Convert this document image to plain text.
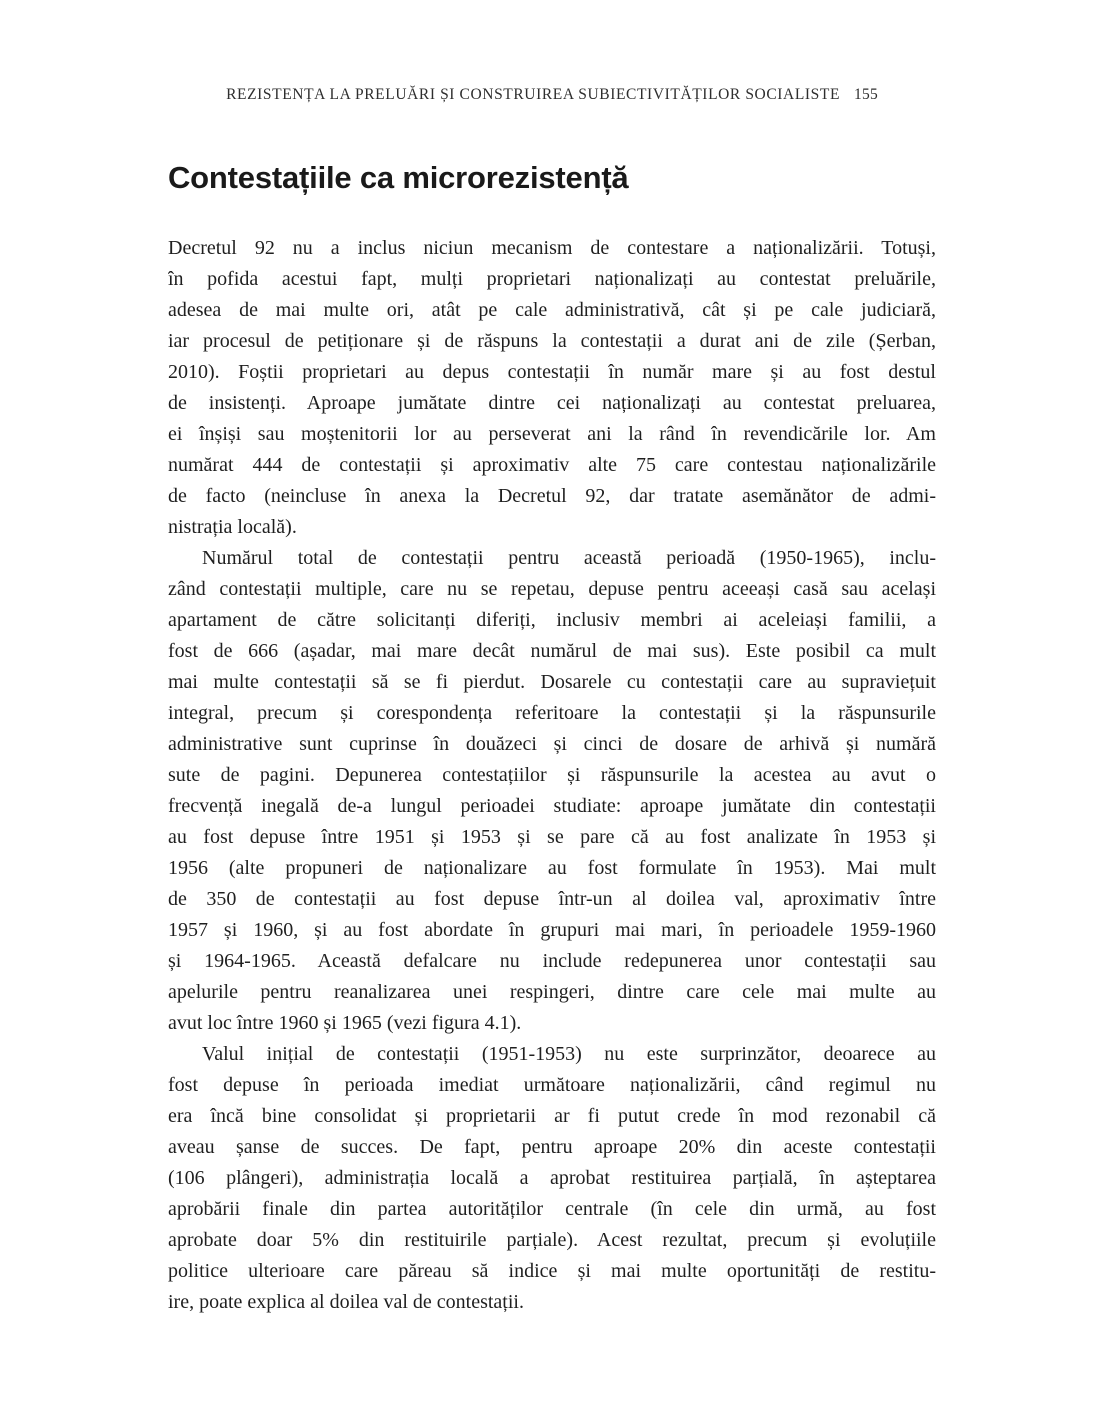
REZISTENȚA LA PRELUĂRI ȘI CONSTRUIREA SUBIECTIVITĂȚILOR SOCIALISTE 155
Contestațiile ca microrezistență
Decretul 92 nu a inclus niciun mecanism de contestare a naționalizării. Totuși,
în pofida acestui fapt, mulți proprietari naționalizați au contestat preluările,
adesea de mai multe ori, atât pe cale administrativă, cât și pe cale judiciară,
iar procesul de petiționare și de răspuns la contestații a durat ani de zile (Șerban,
2010). Foștii proprietari au depus contestații în număr mare și au fost destul
de insistenți. Aproape jumătate dintre cei naționalizați au contestat preluarea,
ei înșiși sau moștenitorii lor au perseverat ani la rând în revendicările lor. Am
numărat 444 de contestații și aproximativ alte 75 care contestau naționalizările
de facto (neincluse în anexa la Decretul 92, dar tratate asemănător de admi-
nistrația locală).
Numărul total de contestații pentru această perioadă (1950-1965), inclu-
zând contestații multiple, care nu se repetau, depuse pentru aceeași casă sau același
apartament de către solicitanți diferiți, inclusiv membri ai aceleiași familii, a
fost de 666 (așadar, mai mare decât numărul de mai sus). Este posibil ca mult
mai multe contestații să se fi pierdut. Dosarele cu contestații care au supraviețuit
integral, precum și corespondența referitoare la contestații și la răspunsurile
administrative sunt cuprinse în douăzeci și cinci de dosare de arhivă și numără
sute de pagini. Depunerea contestațiilor și răspunsurile la acestea au avut o
frecvență inegală de-a lungul perioadei studiate: aproape jumătate din contestații
au fost depuse între 1951 și 1953 și se pare că au fost analizate în 1953 și
1956 (alte propuneri de naționalizare au fost formulate în 1953). Mai mult
de 350 de contestații au fost depuse într-un al doilea val, aproximativ între
1957 și 1960, și au fost abordate în grupuri mai mari, în perioadele 1959-1960
și 1964-1965. Această defalcare nu include redepunerea unor contestații sau
apelurile pentru reanalizarea unei respingeri, dintre care cele mai multe au
avut loc între 1960 și 1965 (vezi figura 4.1).
Valul inițial de contestații (1951-1953) nu este surprinzător, deoarece au
fost depuse în perioada imediat următoare naționalizării, când regimul nu
era încă bine consolidat și proprietarii ar fi putut crede în mod rezonabil că
aveau șanse de succes. De fapt, pentru aproape 20% din aceste contestații
(106 plângeri), administrația locală a aprobat restituirea parțială, în așteptarea
aprobării finale din partea autorităților centrale (în cele din urmă, au fost
aprobate doar 5% din restituirile parțiale). Acest rezultat, precum și evoluțiile
politice ulterioare care păreau să indice și mai multe oportunități de restitu-
ire, poate explica al doilea val de contestații.
